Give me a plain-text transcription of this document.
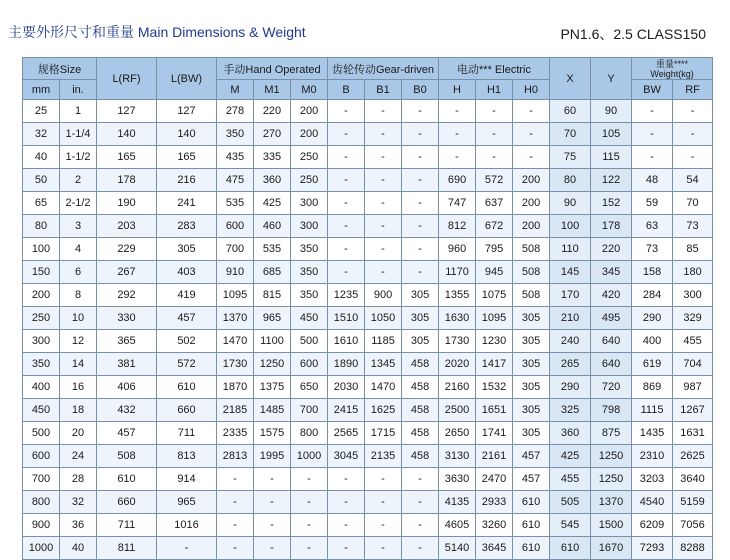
主要外形尺寸和重量 Main Dimensions & Weight	PN1.6、2.5 CLASS150
规格Size		L(RF)	L(BW)	手动Hand Operated			齿轮传动Gear-driven			电动*** Electric			X	Y	重量****
Weight(kg)	

mm	in.			M	M1	M0	B	B1	B0	H	H1	H0			BW	RF
25	1	127	127	278	220	200	-	-	-	-	-	-	60	90	-	-
32	1-1/4	140	140	350	270	200	-	-	-	-	-	-	70	105	-	-
40	1-1/2	165	165	435	335	250	-	-	-	-	-	-	75	115	-	-
50	2	178	216	475	360	250	-	-	-	690	572	200	80	122	48	54
65	2-1/2	190	241	535	425	300	-	-	-	747	637	200	90	152	59	70
80	3	203	283	600	460	300	-	-	-	812	672	200	100	178	63	73
100	4	229	305	700	535	350	-	-	-	960	795	508	110	220	73	85
150	6	267	403	910	685	350	-	-	-	1170	945	508	145	345	158	180
200	8	292	419	1095	815	350	1235	900	305	1355	1075	508	170	420	284	300
250	10	330	457	1370	965	450	1510	1050	305	1630	1095	305	210	495	290	329
300	12	365	502	1470	1100	500	1610	1185	305	1730	1230	305	240	640	400	455
350	14	381	572	1730	1250	600	1890	1345	458	2020	1417	305	265	640	619	704
400	16	406	610	1870	1375	650	2030	1470	458	2160	1532	305	290	720	869	987
450	18	432	660	2185	1485	700	2415	1625	458	2500	1651	305	325	798	1115	1267
500	20	457	711	2335	1575	800	2565	1715	458	2650	1741	305	360	875	1435	1631
600	24	508	813	2813	1995	1000	3045	2135	458	3130	2161	457	425	1250	2310	2625
700	28	610	914	-	-	-	-	-	-	3630	2470	457	455	1250	3203	3640
800	32	660	965	-	-	-	-	-	-	4135	2933	610	505	1370	4540	5159
900	36	711	1016	-	-	-	-	-	-	4605	3260	610	545	1500	6209	7056
1000	40	811	-	-	-	-	-	-	-	5140	3645	610	610	1670	7293	8288
